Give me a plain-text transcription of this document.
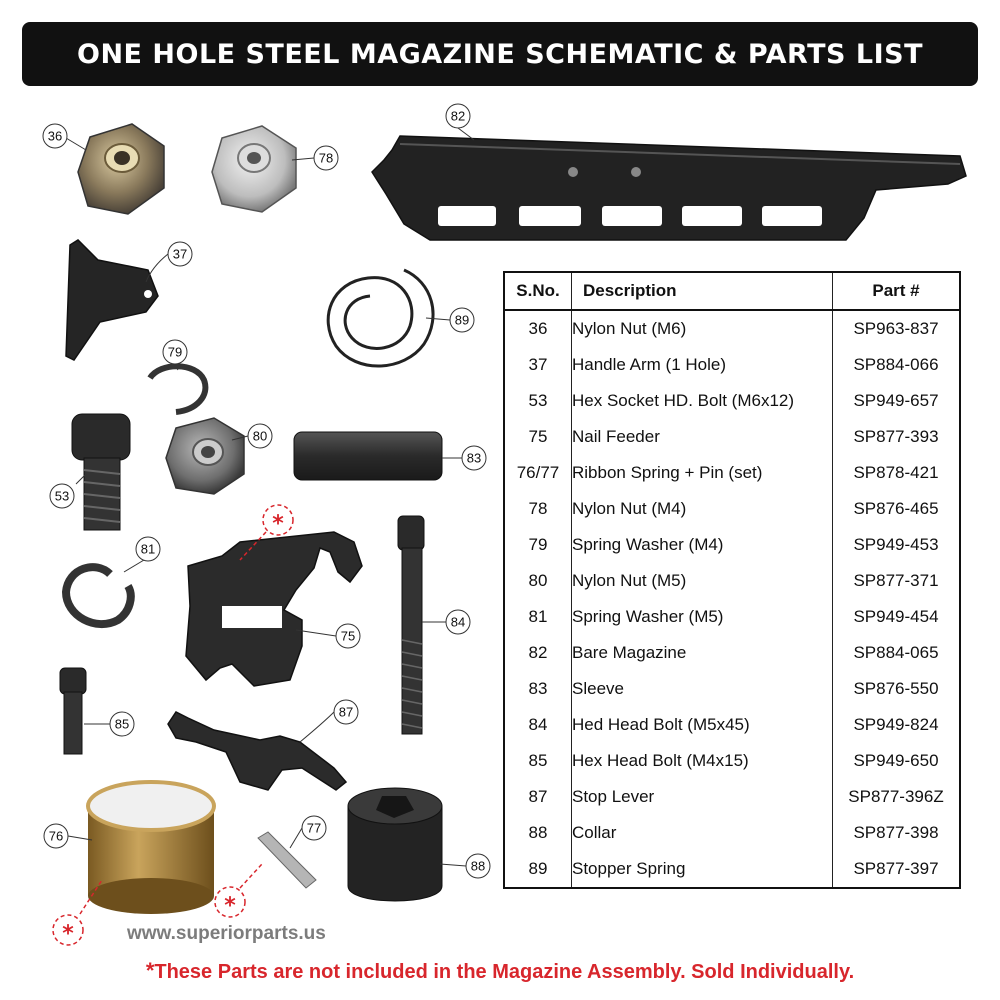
ONE HOLE STEEL MAGAZINE SCHEMATIC & PARTS LIST
36
78
82
37
89
79
80
83
53
81
75
84
85
87
76
77
88
*
*
*
S.No.	Description	Part #
36	Nylon Nut (M6)	SP963-837
37	Handle Arm (1 Hole)	SP884-066
53	Hex Socket HD. Bolt (M6x12)	SP949-657
75	Nail Feeder	SP877-393
76/77	Ribbon Spring + Pin (set)	SP878-421
78	Nylon Nut (M4)	SP876-465
79	Spring Washer (M4)	SP949-453
80	Nylon Nut (M5)	SP877-371
81	Spring Washer (M5)	SP949-454
82	Bare Magazine	SP884-065
83	Sleeve	SP876-550
84	Hed Head Bolt (M5x45)	SP949-824
85	Hex Head Bolt (M4x15)	SP949-650
87	Stop Lever	SP877-396Z
88	Collar	SP877-398
89	Stopper Spring	SP877-397
www.superiorparts.us
*These Parts are not included in the Magazine Assembly. Sold Individually.
